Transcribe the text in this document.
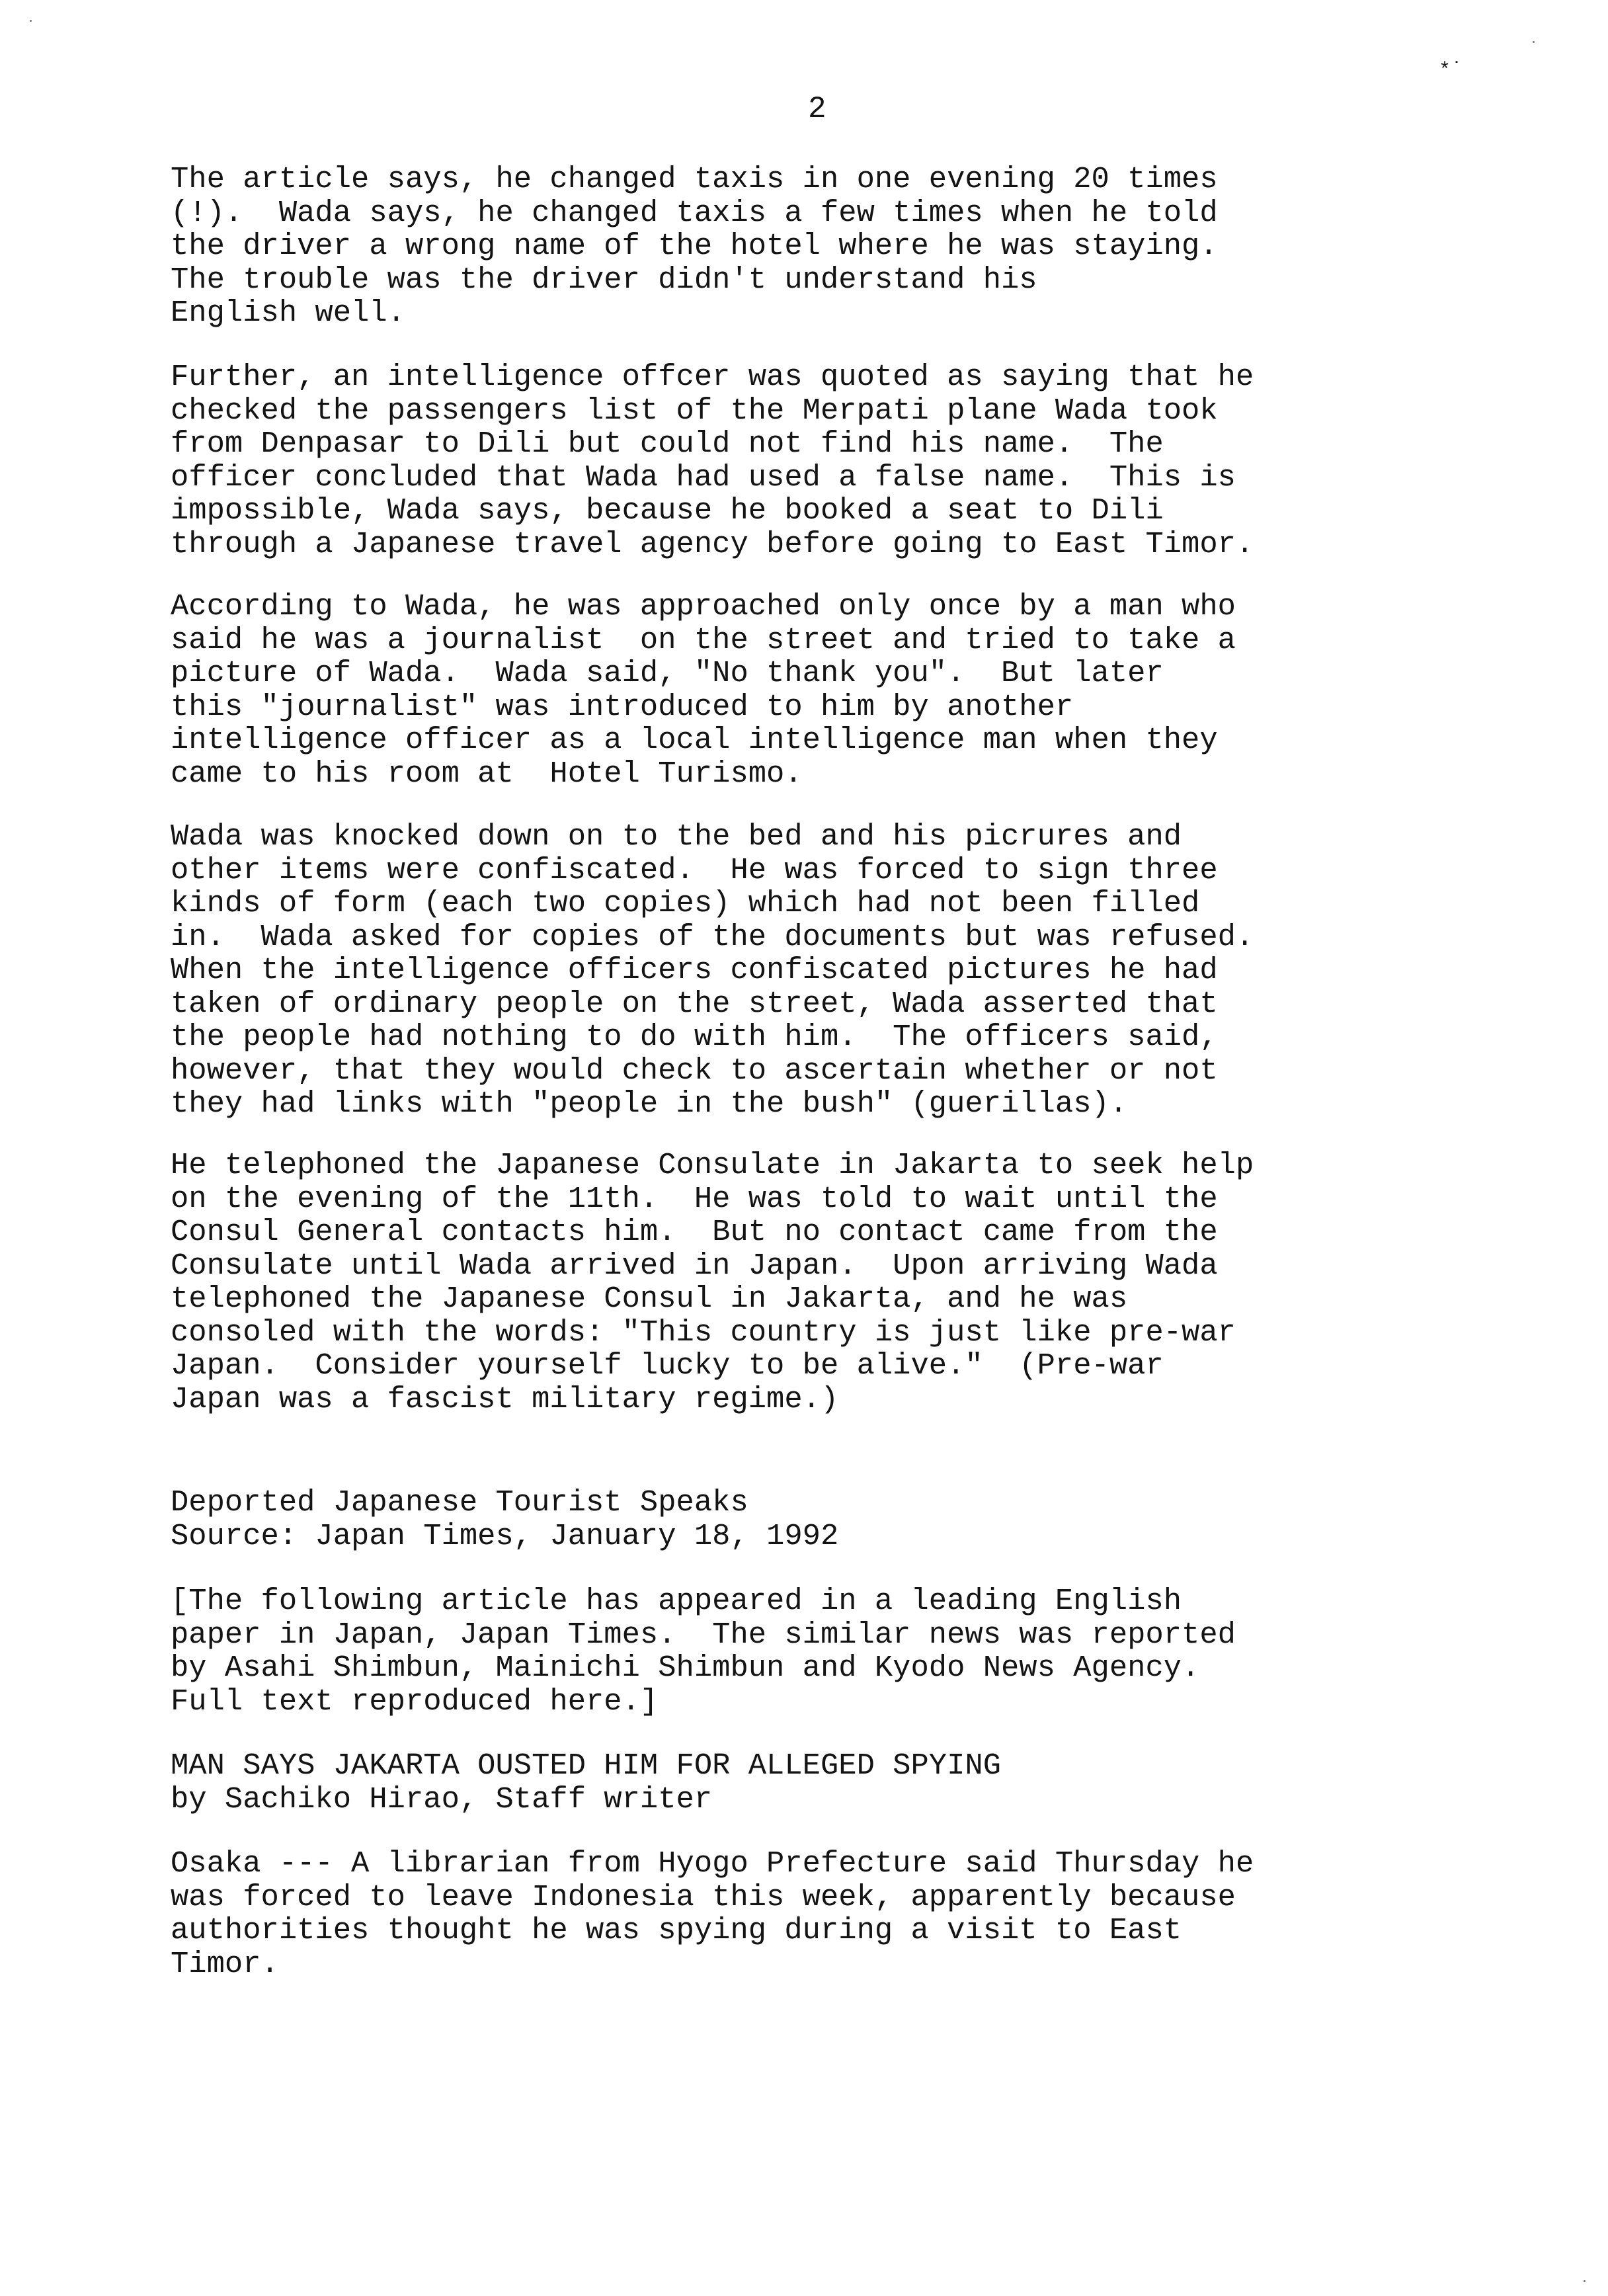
2
*˙
The article says, he changed taxis in one evening 20 times
(!).  Wada says, he changed taxis a few times when he told
the driver a wrong name of the hotel where he was staying.
The trouble was the driver didn't understand his
English well.
Further, an intelligence offcer was quoted as saying that he
checked the passengers list of the Merpati plane Wada took
from Denpasar to Dili but could not find his name.  The
officer concluded that Wada had used a false name.  This is
impossible, Wada says, because he booked a seat to Dili
through a Japanese travel agency before going to East Timor.
According to Wada, he was approached only once by a man who
said he was a journalist  on the street and tried to take a
picture of Wada.  Wada said, "No thank you".  But later
this "journalist" was introduced to him by another
intelligence officer as a local intelligence man when they
came to his room at  Hotel Turismo.
Wada was knocked down on to the bed and his picrures and
other items were confiscated.  He was forced to sign three
kinds of form (each two copies) which had not been filled
in.  Wada asked for copies of the documents but was refused.
When the intelligence officers confiscated pictures he had
taken of ordinary people on the street, Wada asserted that
the people had nothing to do with him.  The officers said,
however, that they would check to ascertain whether or not
they had links with "people in the bush" (guerillas).
He telephoned the Japanese Consulate in Jakarta to seek help
on the evening of the 11th.  He was told to wait until the
Consul General contacts him.  But no contact came from the
Consulate until Wada arrived in Japan.  Upon arriving Wada
telephoned the Japanese Consul in Jakarta, and he was
consoled with the words: "This country is just like pre-war
Japan.  Consider yourself lucky to be alive."  (Pre-war
Japan was a fascist military regime.)
Deported Japanese Tourist Speaks
Source: Japan Times, January 18, 1992
[The following article has appeared in a leading English
paper in Japan, Japan Times.  The similar news was reported
by Asahi Shimbun, Mainichi Shimbun and Kyodo News Agency.
Full text reproduced here.]
MAN SAYS JAKARTA OUSTED HIM FOR ALLEGED SPYING
by Sachiko Hirao, Staff writer
Osaka --- A librarian from Hyogo Prefecture said Thursday he
was forced to leave Indonesia this week, apparently because
authorities thought he was spying during a visit to East
Timor.
